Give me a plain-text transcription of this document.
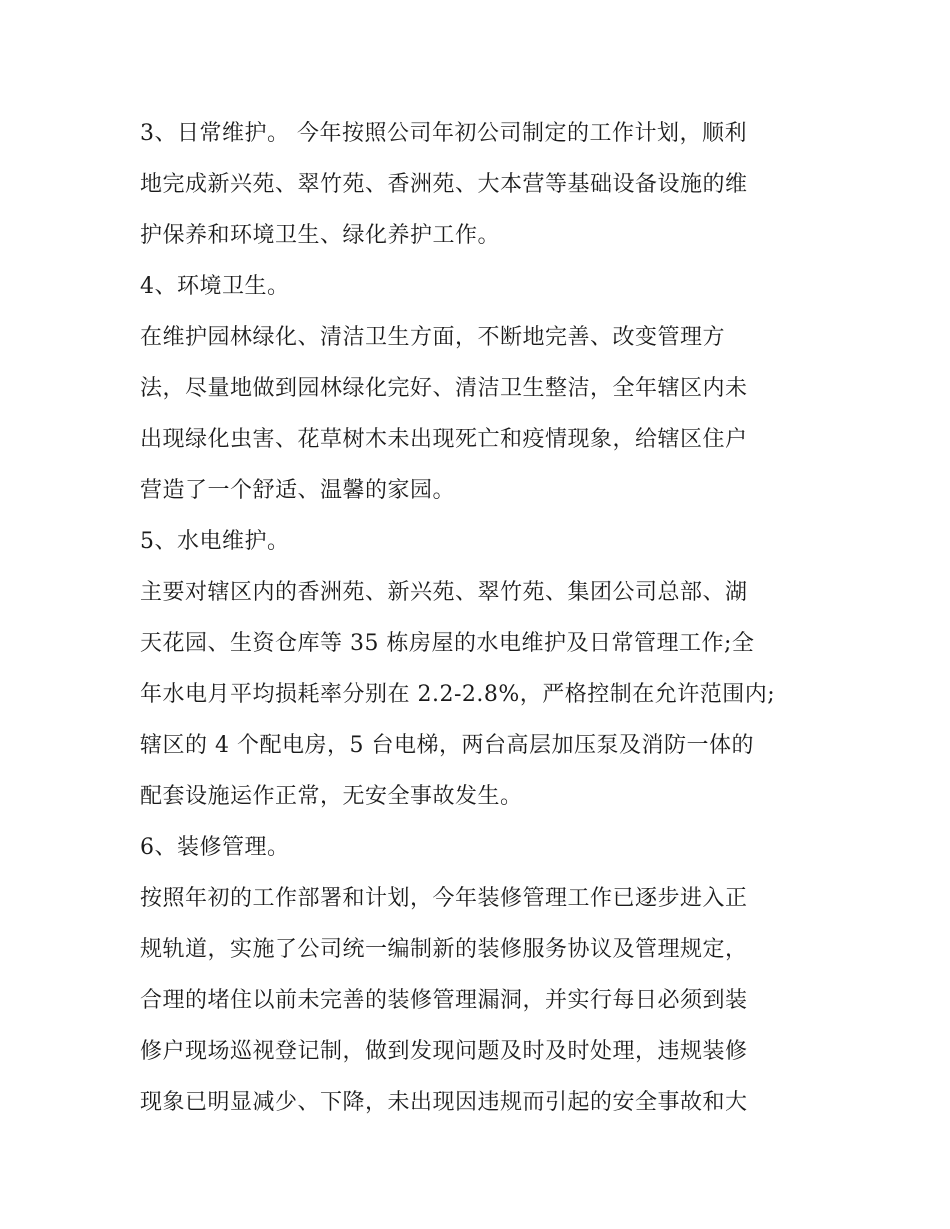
3、日常维护。 今年按照公司年初公司制定的工作计划，顺利
地完成新兴苑、翠竹苑、香洲苑、大本营等基础设备设施的维
护保养和环境卫生、绿化养护工作。
4、环境卫生。
在维护园林绿化、清洁卫生方面，不断地完善、改变管理方
法，尽量地做到园林绿化完好、清洁卫生整洁，全年辖区内未
出现绿化虫害、花草树木未出现死亡和疫情现象，给辖区住户
营造了一个舒适、温馨的家园。
5、水电维护。
主要对辖区内的香洲苑、新兴苑、翠竹苑、集团公司总部、湖
天花园、生资仓库等 35 栋房屋的水电维护及日常管理工作;全
年水电月平均损耗率分别在 2.2-2.8%，严格控制在允许范围内;
辖区的 4 个配电房，5 台电梯，两台高层加压泵及消防一体的
配套设施运作正常，无安全事故发生。
6、装修管理。
按照年初的工作部署和计划，今年装修管理工作已逐步进入正
规轨道，实施了公司统一编制新的装修服务协议及管理规定，
合理的堵住以前未完善的装修管理漏洞，并实行每日必须到装
修户现场巡视登记制，做到发现问题及时及时处理，违规装修
现象已明显减少、下降，未出现因违规而引起的安全事故和大
